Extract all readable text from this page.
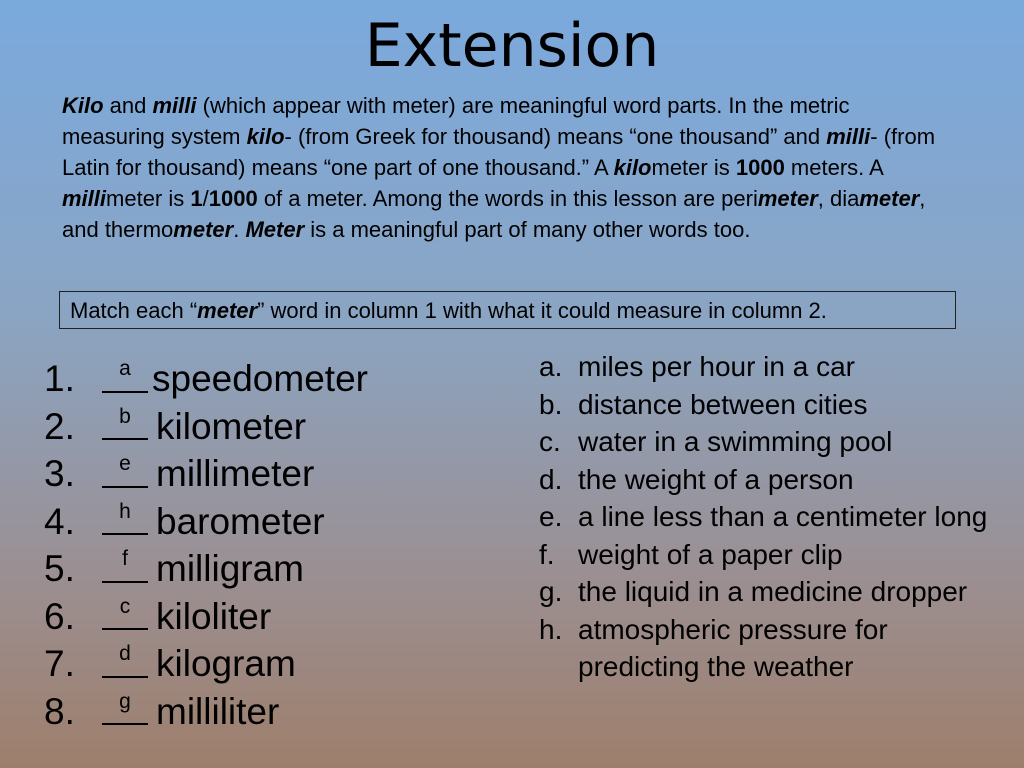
Extension
Kilo and milli (which appear with meter) are meaningful word parts. In the metric measuring system kilo- (from Greek for thousand) means “one thousand” and milli- (from Latin for thousand) means “one part of one thousand.” A kilometer is 1000 meters. A millimeter is 1/1000 of a meter. Among the words in this lesson are perimeter, diameter, and thermometer. Meter is a meaningful part of many other words too.
Match each “meter” word in column 1 with what it could measure in column 2.
1.	a speedometer
2.	b kilometer
3.	e millimeter
4.	h barometer
5.	f milligram
6.	c kiloliter
7.	d kilogram
8.	g milliliter
a. miles per hour in a car
b. distance between cities
c. water in a swimming pool
d. the weight of a person
e. a line less than a centimeter long
f. weight of a paper clip
g. the liquid in a medicine dropper
h. atmospheric pressure for predicting the weather
